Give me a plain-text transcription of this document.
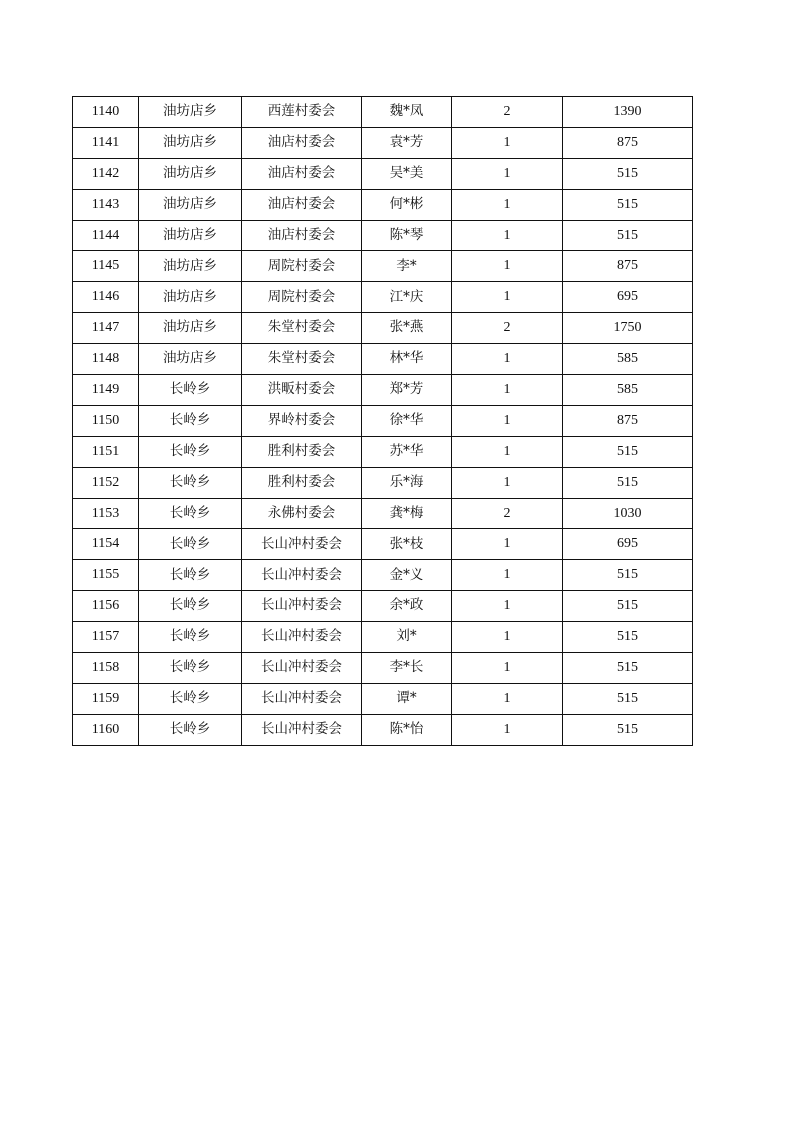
1140	油坊店乡	西莲村委会	魏*凤	2	1390
1141	油坊店乡	油店村委会	袁*芳	1	875
1142	油坊店乡	油店村委会	吴*美	1	515
1143	油坊店乡	油店村委会	何*彬	1	515
1144	油坊店乡	油店村委会	陈*琴	1	515
1145	油坊店乡	周院村委会	李*	1	875
1146	油坊店乡	周院村委会	江*庆	1	695
1147	油坊店乡	朱堂村委会	张*燕	2	1750
1148	油坊店乡	朱堂村委会	林*华	1	585
1149	长岭乡	洪畈村委会	郑*芳	1	585
1150	长岭乡	界岭村委会	徐*华	1	875
1151	长岭乡	胜利村委会	苏*华	1	515
1152	长岭乡	胜利村委会	乐*海	1	515
1153	长岭乡	永佛村委会	龚*梅	2	1030
1154	长岭乡	长山冲村委会	张*枝	1	695
1155	长岭乡	长山冲村委会	金*义	1	515
1156	长岭乡	长山冲村委会	余*政	1	515
1157	长岭乡	长山冲村委会	刘*	1	515
1158	长岭乡	长山冲村委会	李*长	1	515
1159	长岭乡	长山冲村委会	谭*	1	515
1160	长岭乡	长山冲村委会	陈*怡	1	515
